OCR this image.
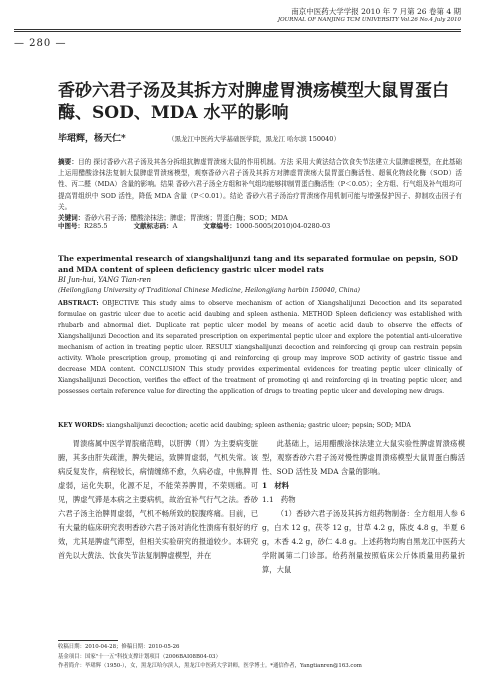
— 280 —
南京中医药大学学报 2010 年 7 月第 26 卷第 4 期
JOURNAL OF NANJING TCM UNIVERSITY Vol.26 No.4 July 2010
香砂六君子汤及其拆方对脾虚胃溃疡模型大鼠胃蛋白酶、SOD、MDA 水平的影响
毕珺辉，杨天仁*	（黑龙江中医药大学基础医学院，黑龙江 哈尔滨 150040）
摘要：目的 探讨香砂六君子汤及其各分拆组抗脾虚胃溃疡大鼠的作用机制。方法 采用大黄法结合饮食失节法建立大鼠脾虚模型，在此基础上运用醋酸涂抹法复制大鼠脾虚胃溃疡模型，观察香砂六君子汤及其拆方对脾虚胃溃疡大鼠胃蛋白酶活性、超氧化物歧化酶（SOD）活性、丙二醛（MDA）含量的影响。结果 香砂六君子汤全方组和补气组均能够抑制胃蛋白酶活性（P＜0.05）；全方组、行气组及补气组均可提高胃组织中 SOD 活性，降低 MDA 含量（P＜0.01）。结论 香砂六君子汤治疗胃溃疡作用机制可能与增强保护因子、抑制攻击因子有关。
关键词：香砂六君子汤；醋酸涂抹法；脾虚；胃溃疡；胃蛋白酶；SOD；MDA
中图号：R285.5	文献标志码：A	文章编号：1000-5005(2010)04-0280-03
The experimental research of xiangshalijunzi tang and its separated formulae on pepsin, SOD and MDA content of spleen deficiency gastric ulcer model rats
BI Jun-hui, YANG Tian-ren
(Heilongjiang University of Traditional Chinese Medicine, Heilongjiang harbin 150040, China)
ABSTRACT: OBJECTIVE This study aims to observe mechanism of action of Xiangshalijunzi Decoction and its separated formulae on gastric ulcer due to acetic acid daubing and spleen asthenia. METHOD Spleen deficiency was established with rhubarb and abnormal diet. Duplicate rat peptic ulcer model by means of acetic acid daub to observe the effects of Xiangshalijunzi Decoction and its separated prescription on experimental peptic ulcer and explore the potential anti-ulcerative mechanism of action in treating peptic ulcer. RESULT xiangshalijunzi decoction and reinforcing qi group can restrain pepsin activity. Whole prescription group, promoting qi and reinforcing qi group may improve SOD activity of gastric tissue and decrease MDA content. CONCLUSION This study provides experimental evidences for treating peptic ulcer clinically of Xiangshalijunzi Decoction, verifies the effect of the treatment of promoting qi and reinforcing qi in treating peptic ulcer, and possesses certain reference value for directing the application of drugs to treating peptic ulcer and developing new drugs.
KEY WORDS: xiangshalijunzi decoction; acetic acid daubing; spleen asthenia; gastric ulcer; pepsin; SOD; MDA
胃溃疡属中医学胃脘痛范畴，以肝脾（胃）为主要病变脏腑，其多由肝失疏泄，脾失健运，致脾胃虚弱，气机失常。该病反复发作，病程较长，病情缠绵不愈，久病必虚，中焦脾胃虚弱，运化失职，化源不足，不能荣养脾胃，不荣则痛。可见，脾虚气滞是本病之主要病机，故治宜补气行气之法。香砂六君子汤主治脾胃虚弱，气机不畅所致的脘腹疼痛。目前，已有大量的临床研究表明香砂六君子汤对消化性溃疡有很好的疗效，尤其是脾虚气滞型，但相关实验研究的报道较少。本研究首先以大黄法、饮食失节法复制脾虚模型，并在

此基础上，运用醋酸涂抹法建立大鼠实验性脾虚胃溃疡模型，观察香砂六君子汤对慢性脾虚胃溃疡模型大鼠胃蛋白酶活性、SOD 活性及 MDA 含量的影响。

1　材料

1.1　药物

（1）香砂六君子汤及其拆方组药物制备：全方组用人参 6 g，白术 12 g，茯苓 12 g，甘草 4.2 g，陈皮 4.8 g，半夏 6 g，木香 4.2 g，砂仁 4.8 g。上述药物均购自黑龙江中医药大学附属第二门诊部。给药剂量按照临床公斤体质量用药量折算，大鼠

收稿日期：2010-04-28；修稿日期：2010-05-26
基金项目：国家"十一五"科技支撑计划项目（2006BAI08B04-03）
作者简介：毕珺辉（1950-），女，黑龙江哈尔滨人，黑龙江中医药大学讲师，医学博士。*通信作者，Yangtianren@163.com
